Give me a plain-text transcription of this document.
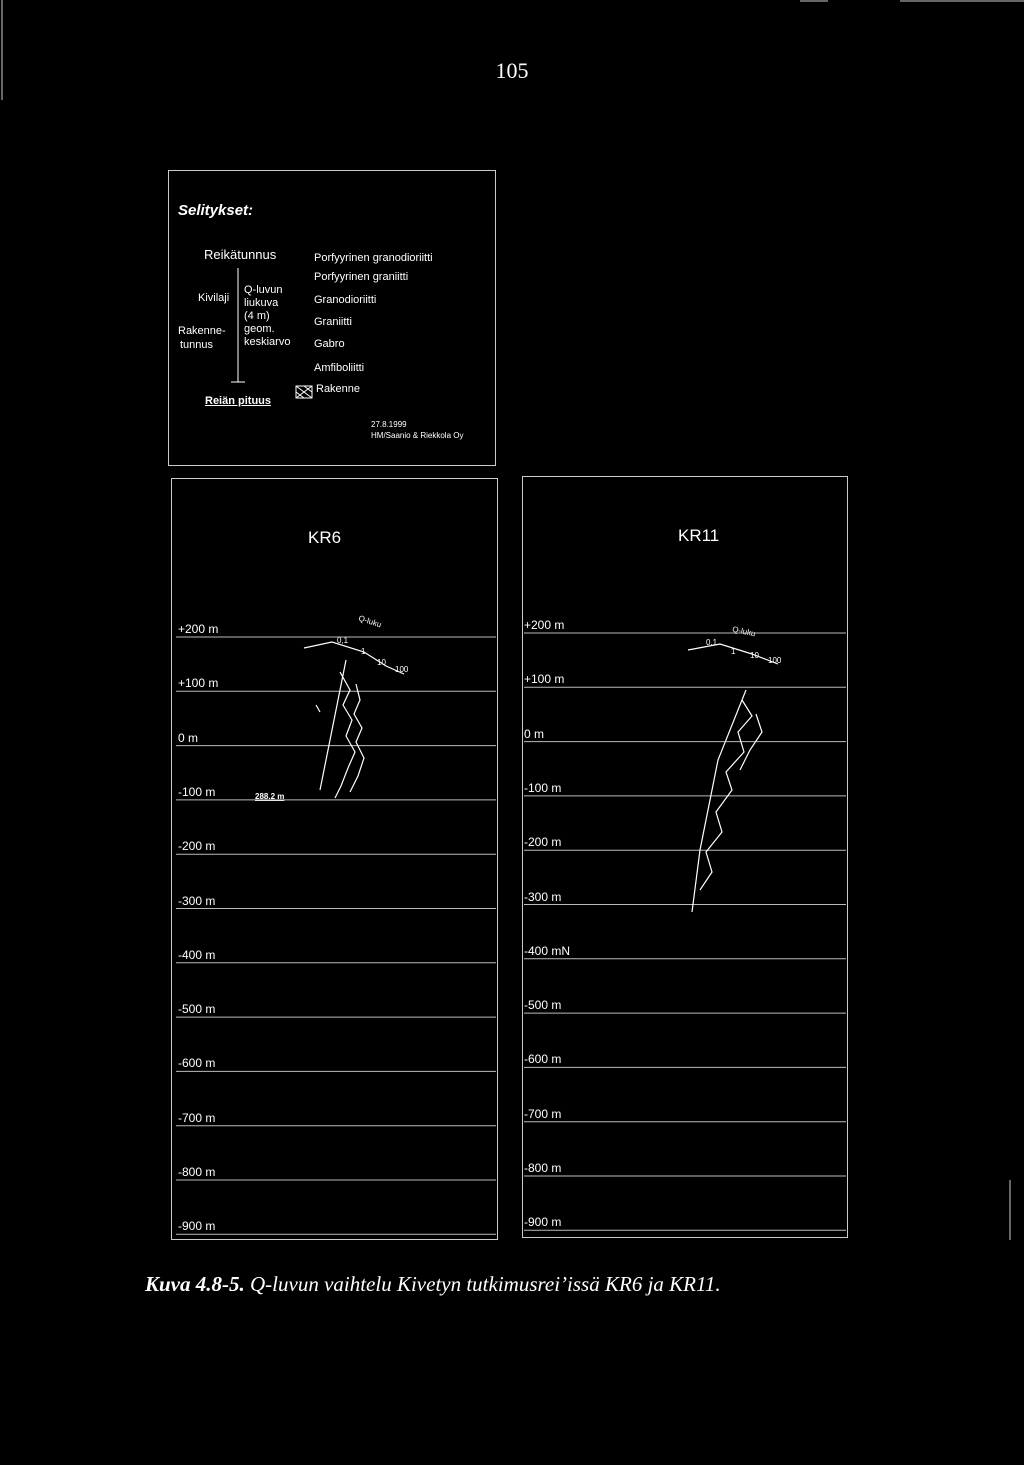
105
Selitykset:
Reikätunnus
Kivilaji
Rakenne-
tunnus
Q-luvun
liukuva
(4 m)
geom.
keskiarvo
Reiän pituus
Porfyyrinen granodioriitti
Porfyyrinen graniitti
Granodioriitti
Graniitti
Gabro
Amfiboliitti
Rakenne
27.8.1999
HM/Saanio & Riekkola Oy
KR6
+200 m
+100 m
0 m
-100 m
-200 m
-300 m
-400 m
-500 m
-600 m
-700 m
-800 m
-900 m
KR11
+200 m
+100 m
0 m
-100 m
-200 m
-300 m
-400 mN
-500 m
-600 m
-700 m
-800 m
-900 m
288.2 m
Q-luku
0,1
1
10
100
Q-luku
0,1
1 10
100
Kuva 4.8-5. Q-luvun vaihtelu Kivetyn tutkimusrei’issä KR6 ja KR11.
